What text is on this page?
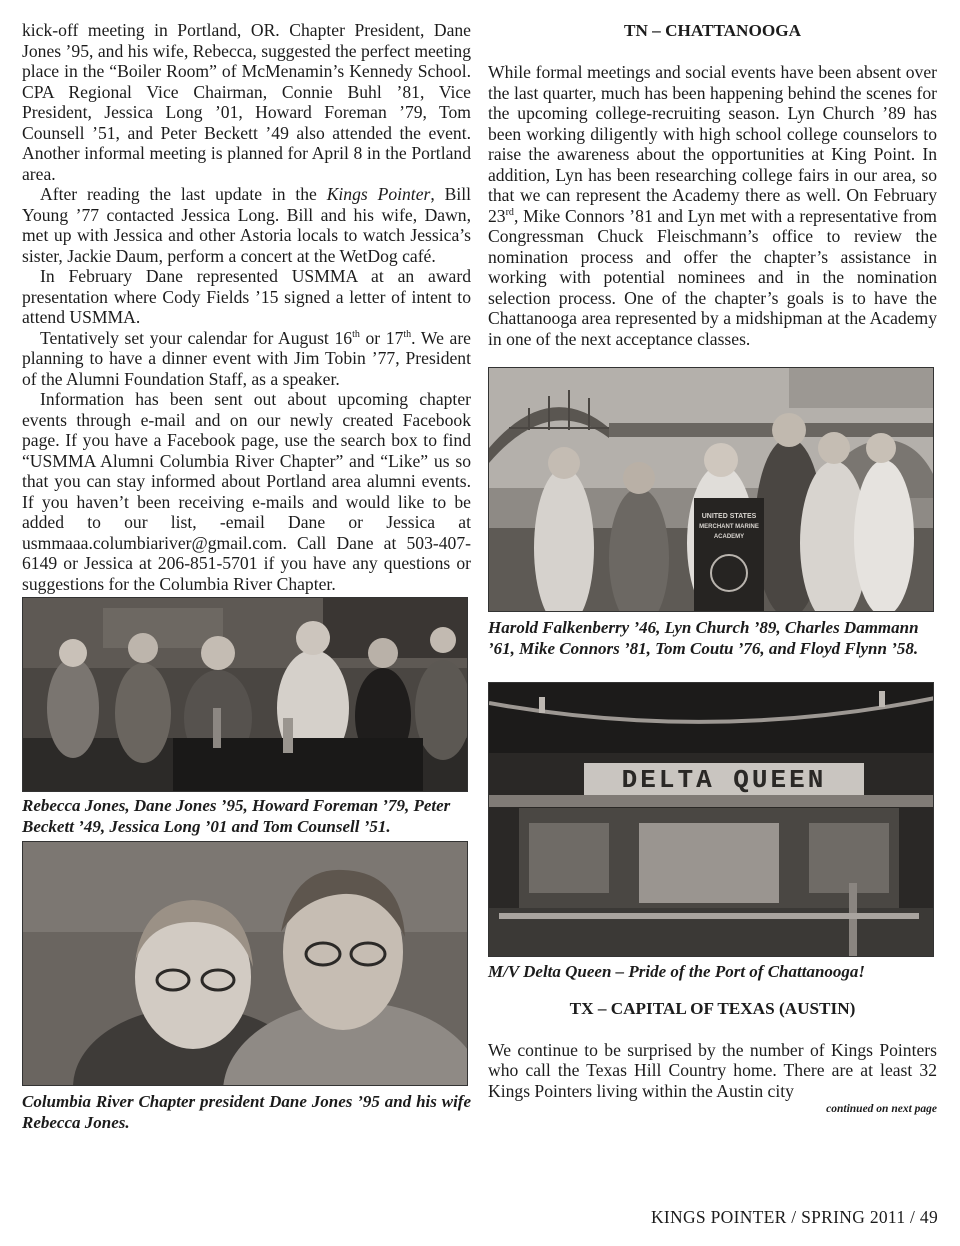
kick-off meeting in Portland, OR. Chapter President, Dane Jones ’95, and his wife, Rebecca, suggested the perfect meeting place in the “Boiler Room” of McMenamin’s Kennedy School. CPA Regional Vice Chairman, Connie Buhl ’81, Vice President, Jessica Long ’01, Howard Foreman ’79, Tom Counsell ’51, and Peter Beckett ’49 also attended the event. Another informal meeting is planned for April 8 in the Portland area.

After reading the last update in the Kings Pointer, Bill Young ’77 contacted Jessica Long. Bill and his wife, Dawn, met up with Jessica and other Astoria locals to watch Jessica’s sister, Jackie Daum, perform a concert at the WetDog café.

In February Dane represented USMMA at an award presentation where Cody Fields ’15 signed a letter of intent to attend USMMA.

Tentatively set your calendar for August 16th or 17th. We are planning to have a dinner event with Jim Tobin ’77, President of the Alumni Foundation Staff, as a speaker.

Information has been sent out about upcoming chapter events through e-mail and on our newly created Facebook page. If you have a Facebook page, use the search box to find “USMMA Alumni Columbia River Chapter” and “Like” us so that you can stay informed about Portland area alumni events. If you haven’t been receiving e-mails and would like to be added to our list, -email Dane or Jessica at usmmaaa.columbiariver@gmail.com. Call Dane at 503-407-6149 or Jessica at 206-851-5701 if you have any questions or suggestions for the Columbia River Chapter.

Rebecca Jones, Dane Jones ’95, Howard Foreman ’79, Peter Beckett ’49, Jessica Long ’01 and Tom Counsell ’51.

Columbia River Chapter president Dane Jones ’95 and his wife Rebecca Jones.

TN – CHATTANOOGA

While formal meetings and social events have been absent over the last quarter, much has been happening behind the scenes for the upcoming college-recruiting season. Lyn Church ’89 has been working diligently with high school college counselors to raise the awareness about the opportunities at King Point. In addition, Lyn has been researching college fairs in our area, so that we can represent the Academy there as well. On February 23rd, Mike Connors ’81 and Lyn met with a representative from Congressman Chuck Fleischmann’s office to review the nomination process and offer the chapter’s assistance in working with potential nominees and in the nomination selection process. One of the chapter’s goals is to have the Chattanooga area represented by a midshipman at the Academy in one of the next acceptance classes.

UNITED STATES
MERCHANT MARINE
ACADEMY

Harold Falkenberry ’46, Lyn Church ’89, Charles Dammann ’61, Mike Connors ’81, Tom Coutu ’76, and Floyd Flynn ’58.

DELTA QUEEN

M/V Delta Queen – Pride of the Port of Chattanooga!

TX – CAPITAL OF TEXAS (AUSTIN)

We continue to be surprised by the number of Kings Pointers who call the Texas Hill Country home. There are at least 32 Kings Pointers living within the Austin city

continued on next page

KINGS POINTER / SPRING 2011 / 49
